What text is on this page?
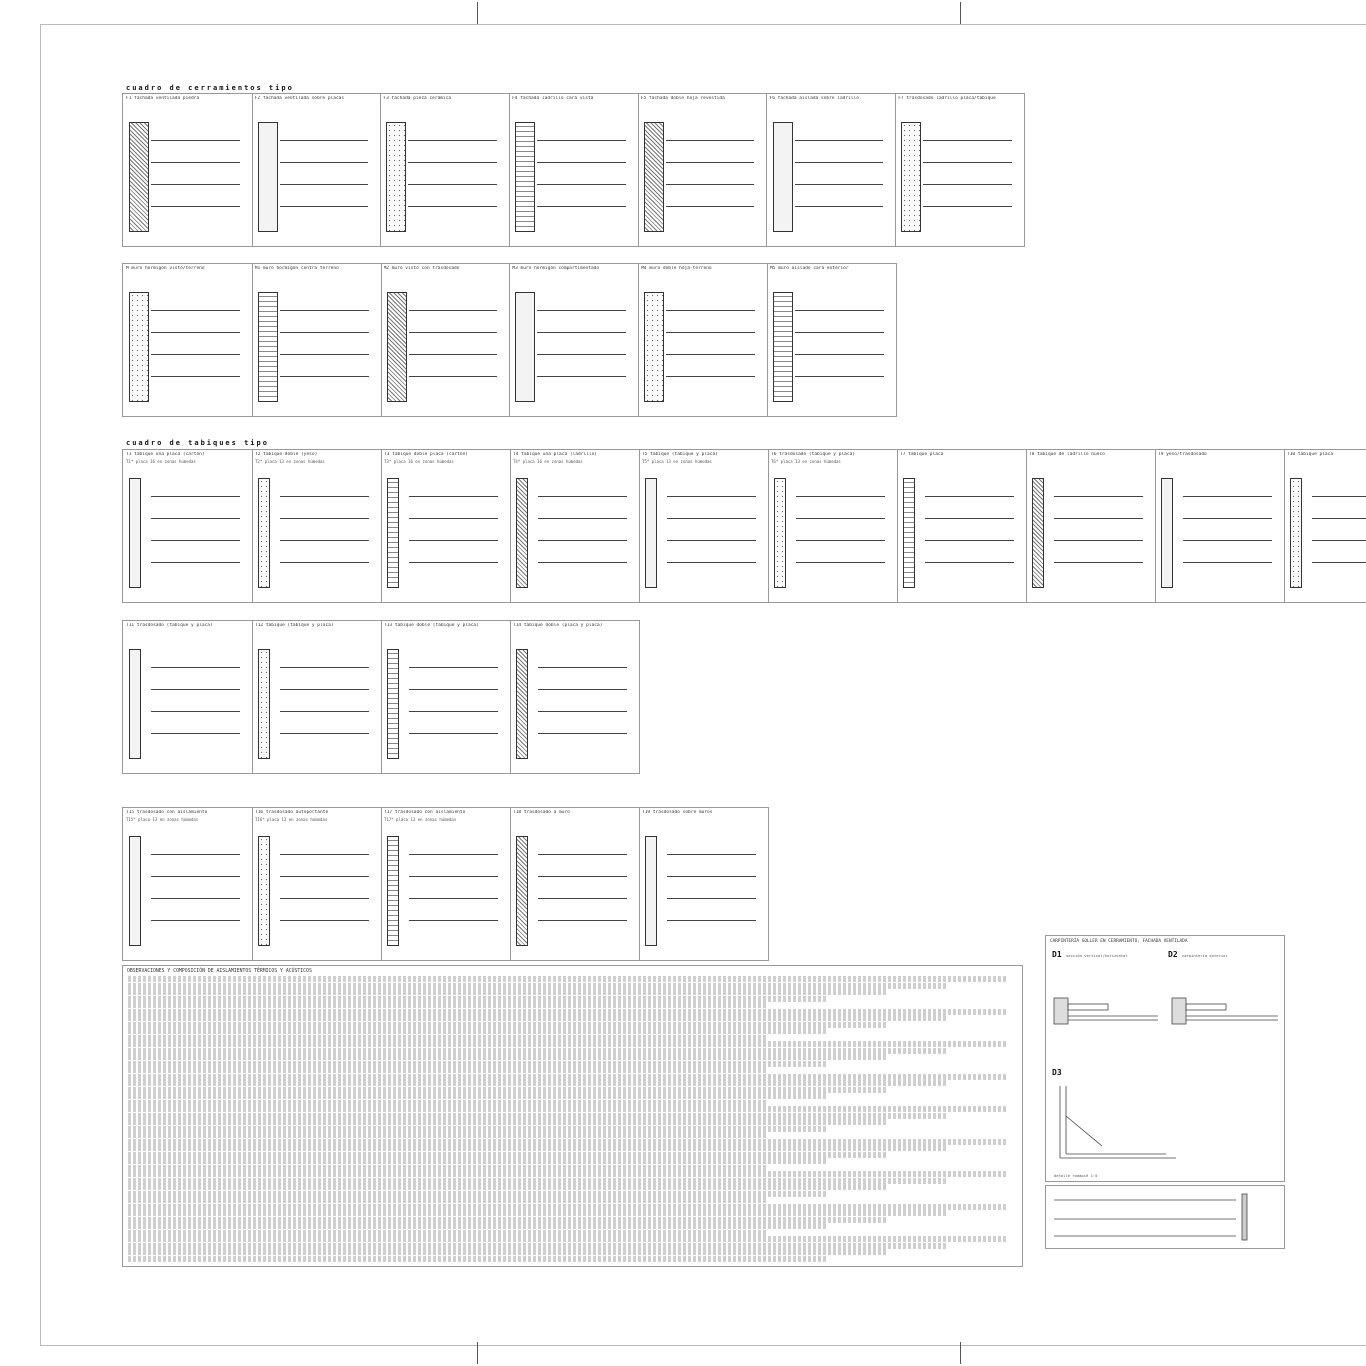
cuadro de cerramientos tipo
F1 fachada ventilada piedra	F2 fachada ventilada sobre placas	F3 fachada pieza cerámica	F4 fachada ladrillo cara vista	F5 fachada doble hoja revestida	F6 fachada aislada sobre ladrillo	F7 trasdosado ladrillo placa/tabique
M muro hormigón visto/terreno	M1 muro hormigón contra terreno	M2 muro visto con trasdosado	M3 muro hormigón compartimentado	M4 muro doble hoja-terreno	M5 muro aislado cara exterior
cuadro de tabiques tipo
T1 tabique una placa (cartón)
T1* placa 16 en zonas húmedas
T2 tabique doble (yeso)
T2* placa 13 en zonas húmedas
T3 tabique doble placa (cartón)
T3* placa 16 en zonas húmedas
T4 tabique una placa (ladrillo)
T4* placa 16 en zonas húmedas
T5 tabique (tabique y placa)
T5* placa 13 en zonas húmedas
T6 trasdosado (tabique y placa)
T6* placa 13 en zonas húmedas
T7 tabique placa	T8 tabique de ladrillo hueco	T9 yeso/trasdosado	T10 tabique placa
T11 trasdosado (tabique y placa)	T12 tabique (tabique y placa)	T13 tabique doble (tabique y placa)	T14 tabique doble (placa y placa)
T15 trasdosado con aislamiento
T15* placa 13 en zonas húmedas
T16 trasdosado autoportante
T16* placa 13 en zonas húmedas
T17 trasdosado con aislamiento
T17* placa 13 en zonas húmedas
T18 trasdosado a muro	T19 trasdosado sobre muros
OBSERVACIONES Y COMPOSICIÓN DE AISLAMIENTOS TÉRMICOS Y ACÚSTICOS
CARPINTERÍA GOLLER EN CERRAMIENTO, FACHADA VENTILADA
D1 sección vertical/horizontal	D2 carpintería exterior
D3
detalle rodapié 1:5
